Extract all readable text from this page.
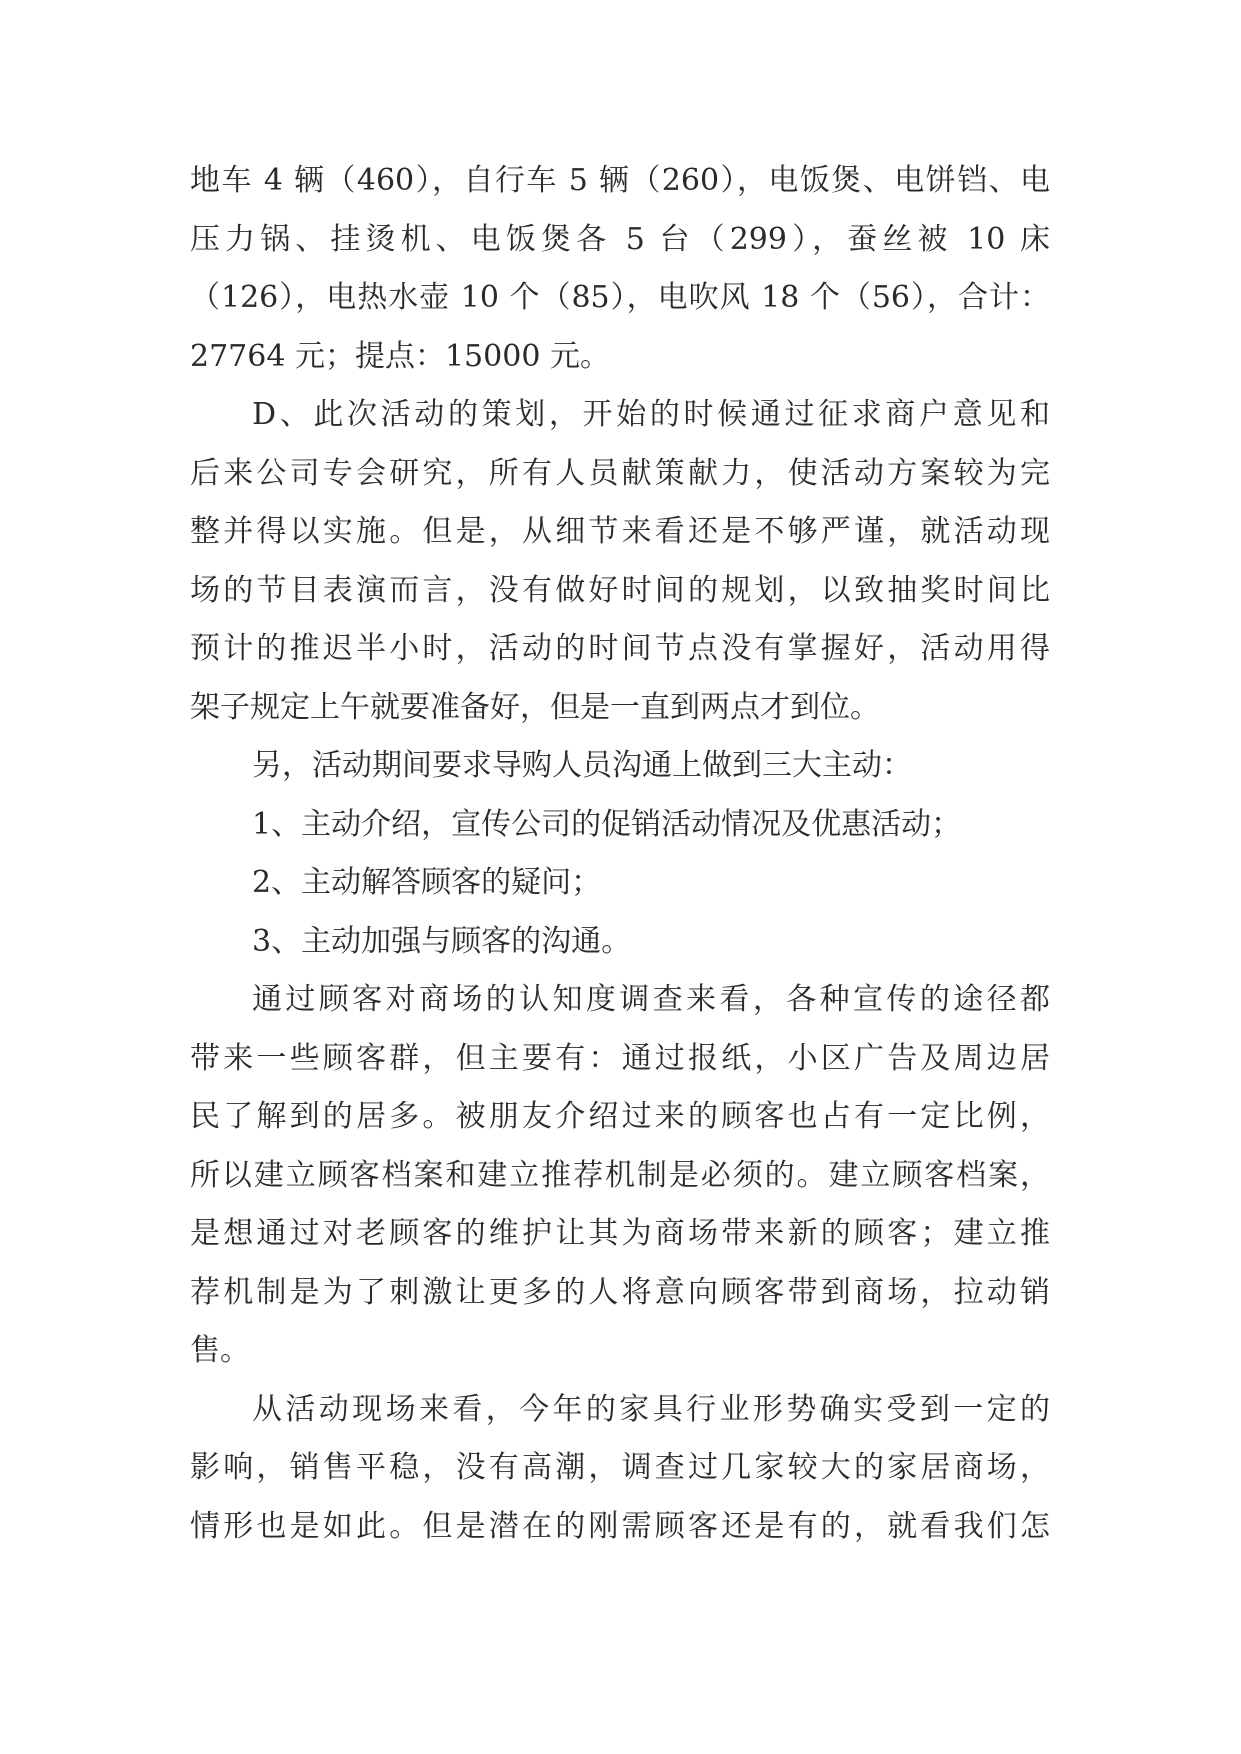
地车 4 辆（460），自行车 5 辆（260），电饭煲、电饼铛、电
压力锅、挂烫机、电饭煲各 5 台（299），蚕丝被 10 床
（126），电热水壶 10 个（85），电吹风 18 个（56），合计：
27764 元；提点：15000 元。
D、此次活动的策划，开始的时候通过征求商户意见和
后来公司专会研究，所有人员献策献力，使活动方案较为完
整并得以实施。但是，从细节来看还是不够严谨，就活动现
场的节目表演而言，没有做好时间的规划，以致抽奖时间比
预计的推迟半小时，活动的时间节点没有掌握好，活动用得
架子规定上午就要准备好，但是一直到两点才到位。
另，活动期间要求导购人员沟通上做到三大主动：
1、主动介绍，宣传公司的促销活动情况及优惠活动；
2、主动解答顾客的疑问；
3、主动加强与顾客的沟通。
通过顾客对商场的认知度调查来看，各种宣传的途径都
带来一些顾客群，但主要有：通过报纸，小区广告及周边居
民了解到的居多。被朋友介绍过来的顾客也占有一定比例，
所以建立顾客档案和建立推荐机制是必须的。建立顾客档案，
是想通过对老顾客的维护让其为商场带来新的顾客；建立推
荐机制是为了刺激让更多的人将意向顾客带到商场，拉动销
售。
从活动现场来看，今年的家具行业形势确实受到一定的
影响，销售平稳，没有高潮，调查过几家较大的家居商场，
情形也是如此。但是潜在的刚需顾客还是有的，就看我们怎
